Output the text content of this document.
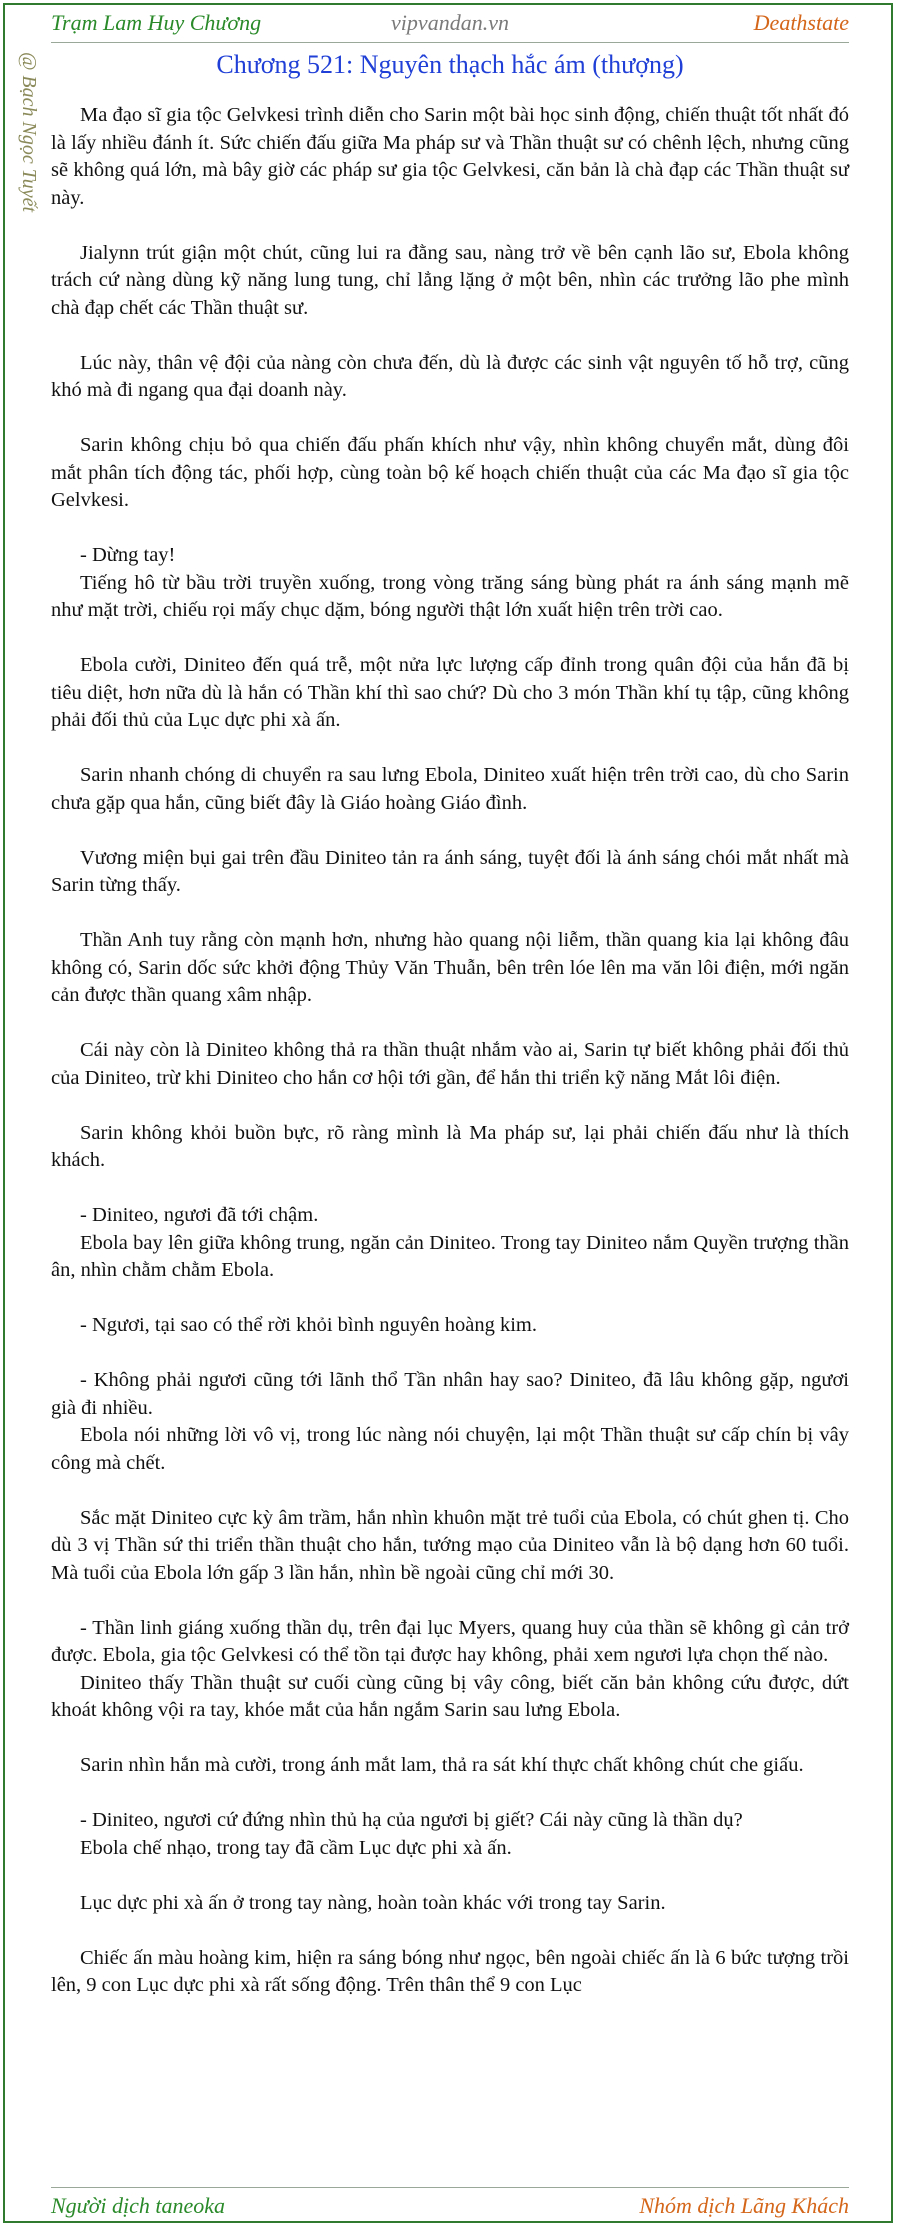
Trạm Lam Huy Chương	vipvandan.vn	Deathstate
@ Bạch Ngọc Tuyết	Chương 521: Nguyên thạch hắc ám (thượng)

Ma đạo sĩ gia tộc Gelvkesi trình diễn cho Sarin một bài học sinh động, chiến thuật tốt nhất đó là lấy nhiều đánh ít. Sức chiến đấu giữa Ma pháp sư và Thần thuật sư có chênh lệch, nhưng cũng sẽ không quá lớn, mà bây giờ các pháp sư gia tộc Gelvkesi, căn bản là chà đạp các Thần thuật sư này.

Jialynn trút giận một chút, cũng lui ra đằng sau, nàng trở về bên cạnh lão sư, Ebola không trách cứ nàng dùng kỹ năng lung tung, chỉ lẳng lặng ở một bên, nhìn các trưởng lão phe mình chà đạp chết các Thần thuật sư.

Lúc này, thân vệ đội của nàng còn chưa đến, dù là được các sinh vật nguyên tố hỗ trợ, cũng khó mà đi ngang qua đại doanh này.

Sarin không chịu bỏ qua chiến đấu phấn khích như vậy, nhìn không chuyển mắt, dùng đôi mắt phân tích động tác, phối hợp, cùng toàn bộ kế hoạch chiến thuật của các Ma đạo sĩ gia tộc Gelvkesi.

- Dừng tay!

Tiếng hô từ bầu trời truyền xuống, trong vòng trăng sáng bùng phát ra ánh sáng mạnh mẽ như mặt trời, chiếu rọi mấy chục dặm, bóng người thật lớn xuất hiện trên trời cao.

Ebola cười, Diniteo đến quá trễ, một nửa lực lượng cấp đỉnh trong quân đội của hắn đã bị tiêu diệt, hơn nữa dù là hắn có Thần khí thì sao chứ? Dù cho 3 món Thần khí tụ tập, cũng không phải đối thủ của Lục dực phi xà ấn.

Sarin nhanh chóng di chuyển ra sau lưng Ebola, Diniteo xuất hiện trên trời cao, dù cho Sarin chưa gặp qua hắn, cũng biết đây là Giáo hoàng Giáo đình.

Vương miện bụi gai trên đầu Diniteo tản ra ánh sáng, tuyệt đối là ánh sáng chói mắt nhất mà Sarin từng thấy.

Thần Anh tuy rằng còn mạnh hơn, nhưng hào quang nội liễm, thần quang kia lại không đâu không có, Sarin dốc sức khởi động Thủy Văn Thuẫn, bên trên lóe lên ma văn lôi điện, mới ngăn cản được thần quang xâm nhập.

Cái này còn là Diniteo không thả ra thần thuật nhắm vào ai, Sarin tự biết không phải đối thủ của Diniteo, trừ khi Diniteo cho hắn cơ hội tới gần, để hắn thi triển kỹ năng Mắt lôi điện.

Sarin không khỏi buồn bực, rõ ràng mình là Ma pháp sư, lại phải chiến đấu như là thích khách.

- Diniteo, ngươi đã tới chậm.

Ebola bay lên giữa không trung, ngăn cản Diniteo. Trong tay Diniteo nắm Quyền trượng thần ân, nhìn chằm chằm Ebola.

- Ngươi, tại sao có thể rời khỏi bình nguyên hoàng kim.

- Không phải ngươi cũng tới lãnh thổ Tần nhân hay sao? Diniteo, đã lâu không gặp, ngươi già đi nhiều.

Ebola nói những lời vô vị, trong lúc nàng nói chuyện, lại một Thần thuật sư cấp chín bị vây công mà chết.

Sắc mặt Diniteo cực kỳ âm trầm, hắn nhìn khuôn mặt trẻ tuổi của Ebola, có chút ghen tị. Cho dù 3 vị Thần sứ thi triển thần thuật cho hắn, tướng mạo của Diniteo vẫn là bộ dạng hơn 60 tuổi. Mà tuổi của Ebola lớn gấp 3 lần hắn, nhìn bề ngoài cũng chỉ mới 30.

- Thần linh giáng xuống thần dụ, trên đại lục Myers, quang huy của thần sẽ không gì cản trở được. Ebola, gia tộc Gelvkesi có thể tồn tại được hay không, phải xem ngươi lựa chọn thế nào.

Diniteo thấy Thần thuật sư cuối cùng cũng bị vây công, biết căn bản không cứu được, dứt khoát không vội ra tay, khóe mắt của hắn ngắm Sarin sau lưng Ebola.

Sarin nhìn hắn mà cười, trong ánh mắt lam, thả ra sát khí thực chất không chút che giấu.

- Diniteo, ngươi cứ đứng nhìn thủ hạ của ngươi bị giết? Cái này cũng là thần dụ?

Ebola chế nhạo, trong tay đã cầm Lục dực phi xà ấn.

Lục dực phi xà ấn ở trong tay nàng, hoàn toàn khác với trong tay Sarin.

Chiếc ấn màu hoàng kim, hiện ra sáng bóng như ngọc, bên ngoài chiếc ấn là 6 bức tượng trồi lên, 9 con Lục dực phi xà rất sống động. Trên thân thể 9 con Lục

Người dịch taneoka	Nhóm dịch Lãng Khách
